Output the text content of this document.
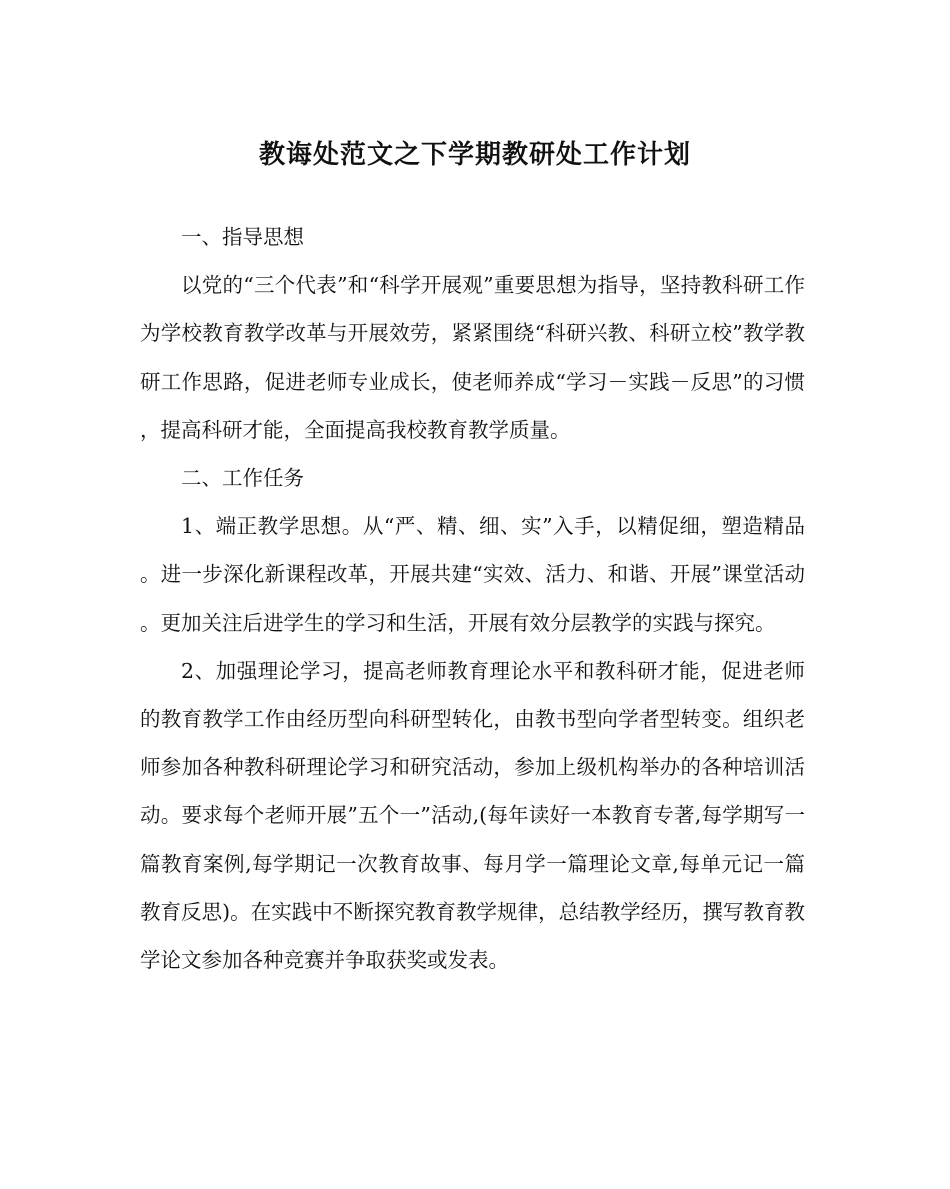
教诲处范文之下学期教研处工作计划

一、指导思想

以党的“三个代表”和“科学开展观”重要思想为指导，坚持教科研工作为学校教育教学改革与开展效劳，紧紧围绕“科研兴教、科研立校”教学教研工作思路，促进老师专业成长，使老师养成“学习－实践－反思”的习惯，提高科研才能，全面提高我校教育教学质量。

二、工作任务

1、端正教学思想。从“严、精、细、实”入手，以精促细，塑造精品。进一步深化新课程改革，开展共建“实效、活力、和谐、开展”课堂活动。更加关注后进学生的学习和生活，开展有效分层教学的实践与探究。

2、加强理论学习，提高老师教育理论水平和教科研才能，促进老师的教育教学工作由经历型向科研型转化，由教书型向学者型转变。组织老师参加各种教科研理论学习和研究活动，参加上级机构举办的各种培训活动。要求每个老师开展”五个一”活动,(每年读好一本教育专著,每学期写一篇教育案例,每学期记一次教育故事、每月学一篇理论文章,每单元记一篇教育反思)。在实践中不断探究教育教学规律，总结教学经历，撰写教育教学论文参加各种竞赛并争取获奖或发表。
